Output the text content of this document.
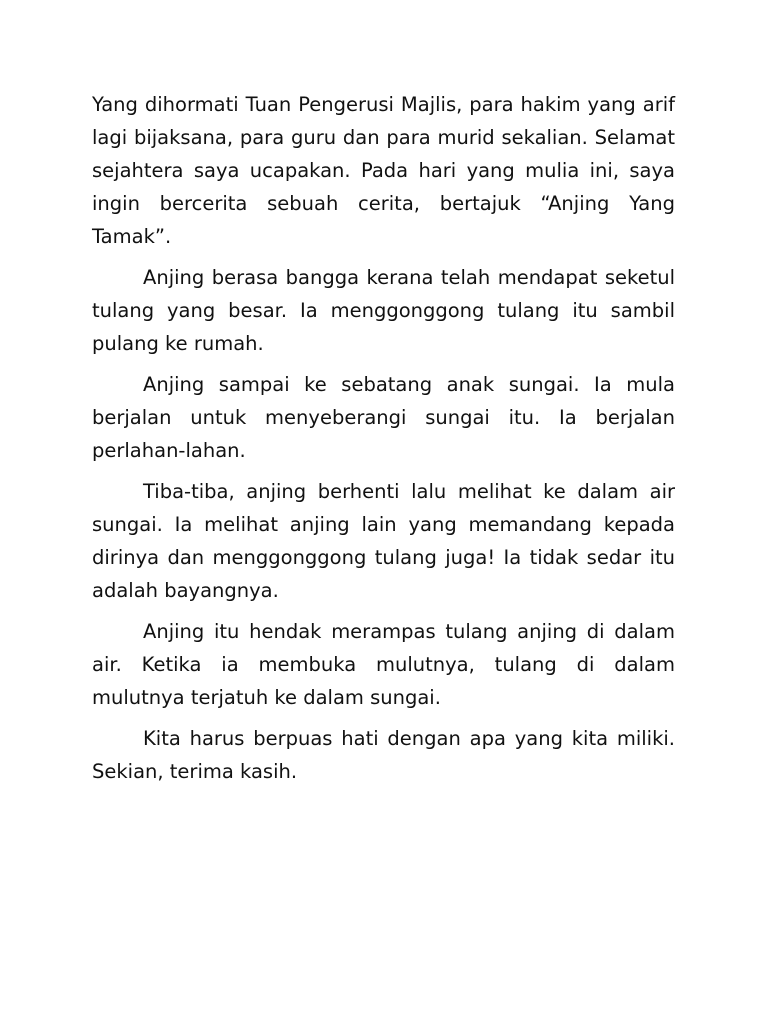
Yang dihormati Tuan Pengerusi Majlis, para hakim yang arif lagi bijaksana, para guru dan para murid sekalian. Selamat sejahtera saya ucapakan. Pada hari yang mulia ini, saya ingin bercerita sebuah cerita, bertajuk “Anjing Yang Tamak”.

Anjing berasa bangga kerana telah mendapat seketul tulang yang besar. Ia menggonggong tulang itu sambil pulang ke rumah.

Anjing sampai ke sebatang anak sungai. Ia mula berjalan untuk menyeberangi sungai itu. Ia berjalan perlahan-lahan.

Tiba-tiba, anjing berhenti lalu melihat ke dalam air sungai. Ia melihat anjing lain yang memandang kepada dirinya dan menggonggong tulang juga! Ia tidak sedar itu adalah bayangnya.

Anjing itu hendak merampas tulang anjing di dalam air. Ketika ia membuka mulutnya, tulang di dalam mulutnya terjatuh ke dalam sungai.

Kita harus berpuas hati dengan apa yang kita miliki. Sekian, terima kasih.
